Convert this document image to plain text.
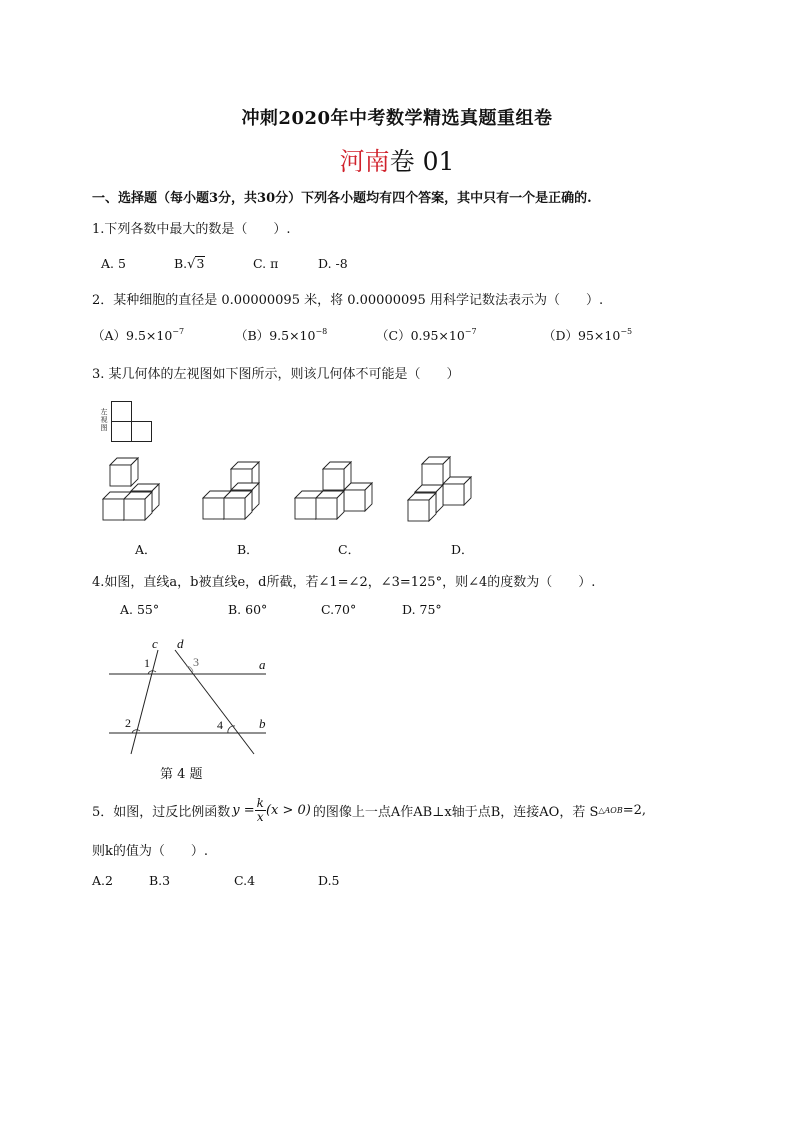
冲刺2020年中考数学精选真题重组卷
河南卷 01
一、选择题（每小题3分，共30分）下列各小题均有四个答案，其中只有一个是正确的.
1.下列各数中最大的数是（　　）.
A. 5	B.√3	C. π	D. -8
2．某种细胞的直径是 0.00000095 米，将 0.00000095 用科学记数法表示为（　　）.
$(A)9.5\times 10^{-7}$	$(B)9.5\times 10^{-8}$	$(C)0.95\times 10^{-7}$	$(D)95\times 10^{-5}$
3. 某几何体的左视图如下图所示，则该几何体不可能是（　　）
左视图
A．	B．	C．	D．
4.如图，直线a，b被直线e，d所截，若∠1=∠2，∠3=125°，则∠4的度数为（　　）.
A. 55°	B. 60°	C.70°	D. 75°
c d
a
b
1	3
2	4
第 4 题
5．如图，过反比例函数 $y = \frac{k}{x} (x > 0)$ 的图像上一点A作AB⊥x轴于点B，连接AO，若 S △AOB =2,
则k的值为（　　）.
A.2	B.3	C.4	D.5
